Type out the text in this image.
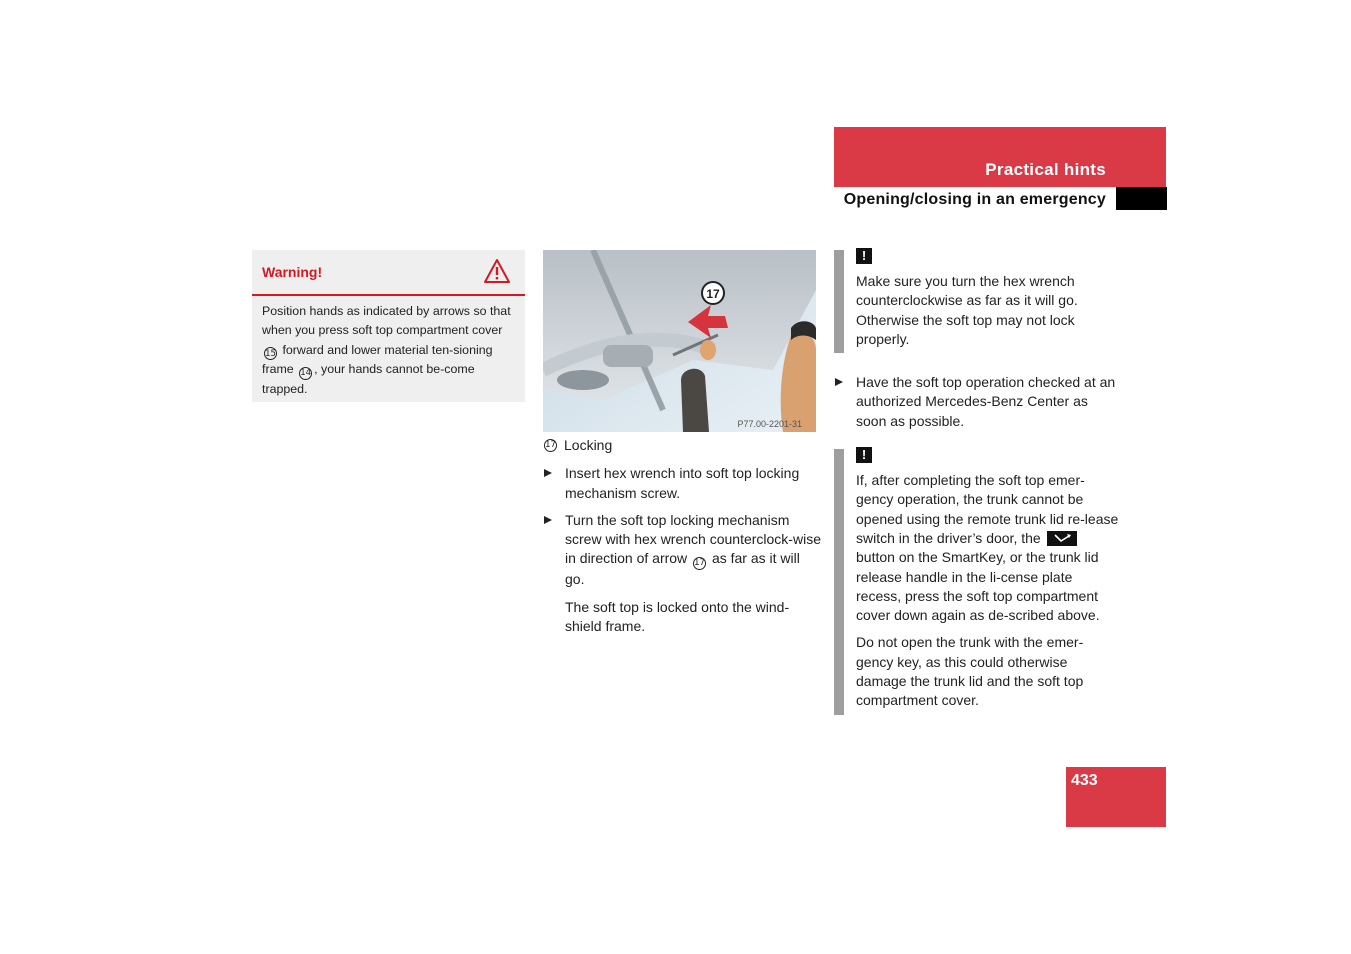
Practical hints
Opening/closing in an emergency
Warning!
Position hands as indicated by arrows so that when you press soft top compartment cover 15 forward and lower material ten-sioning frame 14 , your hands cannot be-come trapped.
17
P77.00-2201-31
17 Locking
Insert hex wrench into soft top locking mechanism screw.
Turn the soft top locking mechanism screw with hex wrench counterclock-wise in direction of arrow 17 as far as it will go.
The soft top is locked onto the wind-shield frame.
!
Make sure you turn the hex wrench counterclockwise as far as it will go. Otherwise the soft top may not lock properly.
Have the soft top operation checked at an authorized Mercedes-Benz Center as soon as possible.
!
If, after completing the soft top emer-gency operation, the trunk cannot be opened using the remote trunk lid re-lease switch in the driver’s door, the  button on the SmartKey, or the trunk lid release handle in the li-cense plate recess, press the soft top compartment cover down again as de-scribed above.
Do not open the trunk with the emer-gency key, as this could otherwise damage the trunk lid and the soft top compartment cover.
433
